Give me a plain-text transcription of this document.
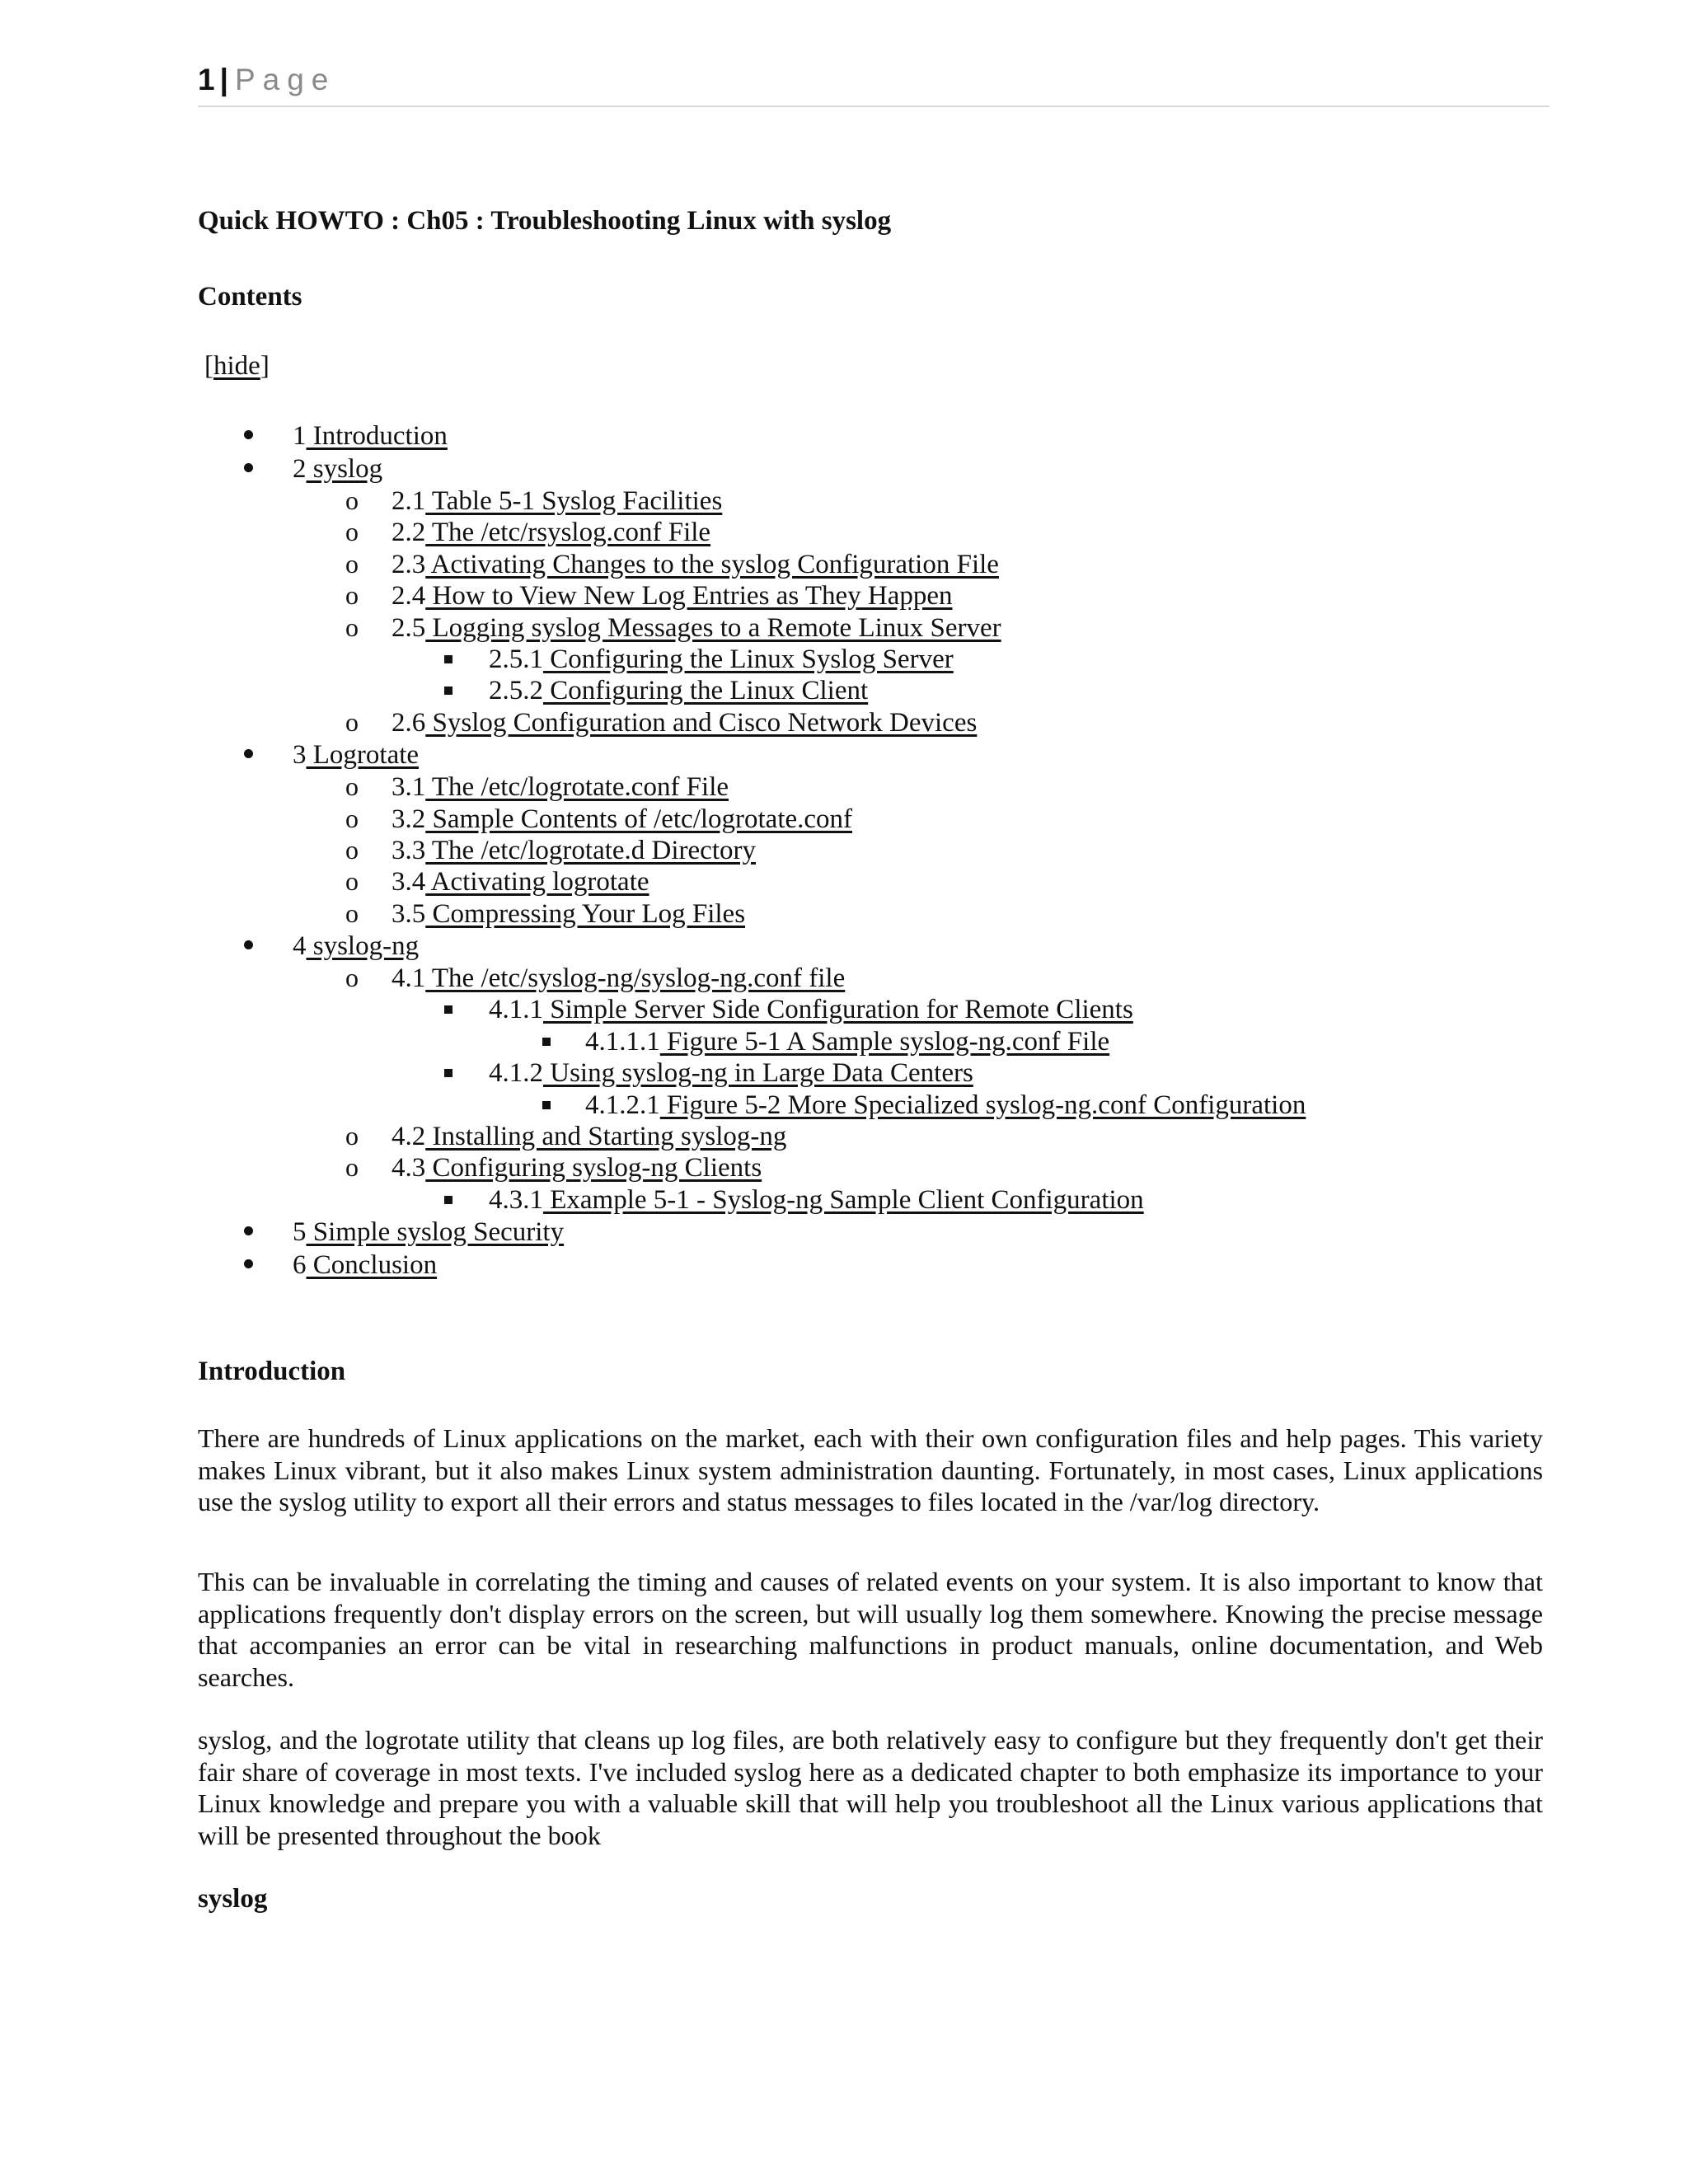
1 | Page
Quick HOWTO : Ch05 : Troubleshooting Linux with syslog
Contents
[hide]
1 Introduction
2 syslog
o	2.1 Table 5-1 Syslog Facilities
o	2.2 The /etc/rsyslog.conf File
o	2.3 Activating Changes to the syslog Configuration File
o	2.4 How to View New Log Entries as They Happen
o	2.5 Logging syslog Messages to a Remote Linux Server
2.5.1 Configuring the Linux Syslog Server
2.5.2 Configuring the Linux Client
o	2.6 Syslog Configuration and Cisco Network Devices
3 Logrotate
o	3.1 The /etc/logrotate.conf File
o	3.2 Sample Contents of /etc/logrotate.conf
o	3.3 The /etc/logrotate.d Directory
o	3.4 Activating logrotate
o	3.5 Compressing Your Log Files
4 syslog-ng
o	4.1 The /etc/syslog-ng/syslog-ng.conf file
4.1.1 Simple Server Side Configuration for Remote Clients
4.1.1.1 Figure 5-1 A Sample syslog-ng.conf File
4.1.2 Using syslog-ng in Large Data Centers
4.1.2.1 Figure 5-2 More Specialized syslog-ng.conf Configuration
o	4.2 Installing and Starting syslog-ng
o	4.3 Configuring syslog-ng Clients
4.3.1 Example 5-1 - Syslog-ng Sample Client Configuration
5 Simple syslog Security
6 Conclusion
Introduction

There are hundreds of Linux applications on the market, each with their own configuration files and help pages. This variety makes Linux vibrant, but it also makes Linux system administration daunting. Fortunately, in most cases, Linux applications use the syslog utility to export all their errors and status messages to files located in the /var/log directory.

This can be invaluable in correlating the timing and causes of related events on your system. It is also important to know that applications frequently don't display errors on the screen, but will usually log them somewhere. Knowing the precise message that accompanies an error can be vital in researching malfunctions in product manuals, online documentation, and Web searches.

syslog, and the logrotate utility that cleans up log files, are both relatively easy to configure but they frequently don't get their fair share of coverage in most texts. I've included syslog here as a dedicated chapter to both emphasize its importance to your Linux knowledge and prepare you with a valuable skill that will help you troubleshoot all the Linux various applications that will be presented throughout the book

syslog
